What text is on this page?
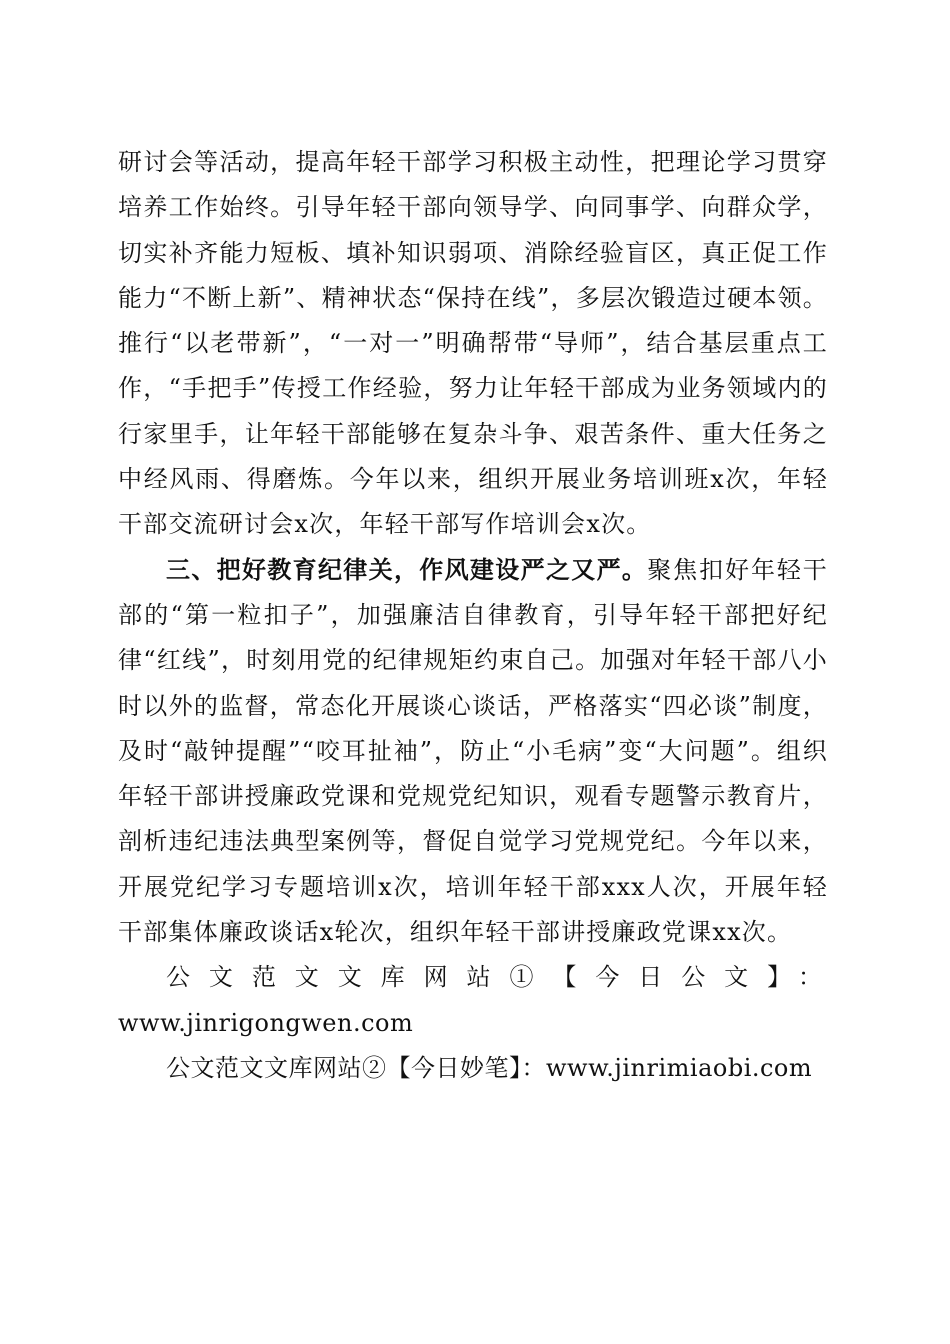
研讨会等活动，提高年轻干部学习积极主动性，把理论学习贯穿培养工作始终。引导年轻干部向领导学、向同事学、向群众学，切实补齐能力短板、填补知识弱项、消除经验盲区，真正促工作能力“不断上新”、精神状态“保持在线”，多层次锻造过硬本领。推行“以老带新”，“一对一”明确帮带“导师”，结合基层重点工作，“手把手”传授工作经验，努力让年轻干部成为业务领域内的行家里手，让年轻干部能够在复杂斗争、艰苦条件、重大任务之中经风雨、得磨炼。今年以来，组织开展业务培训班x次，年轻干部交流研讨会x次，年轻干部写作培训会x次。

三、把好教育纪律关，作风建设严之又严。聚焦扣好年轻干部的“第一粒扣子”，加强廉洁自律教育，引导年轻干部把好纪律“红线”，时刻用党的纪律规矩约束自己。加强对年轻干部八小时以外的监督，常态化开展谈心谈话，严格落实“四必谈”制度，及时“敲钟提醒”“咬耳扯袖”，防止“小毛病”变“大问题”。组织年轻干部讲授廉政党课和党规党纪知识，观看专题警示教育片，剖析违纪违法典型案例等，督促自觉学习党规党纪。今年以来，开展党纪学习专题培训x次，培训年轻干部xxx人次，开展年轻干部集体廉政谈话x轮次，组织年轻干部讲授廉政党课xx次。

公文范文文库网站①【今日公文】：

www.jinrigongwen.com

公文范文文库网站②【今日妙笔】：www.jinrimiaobi.com
